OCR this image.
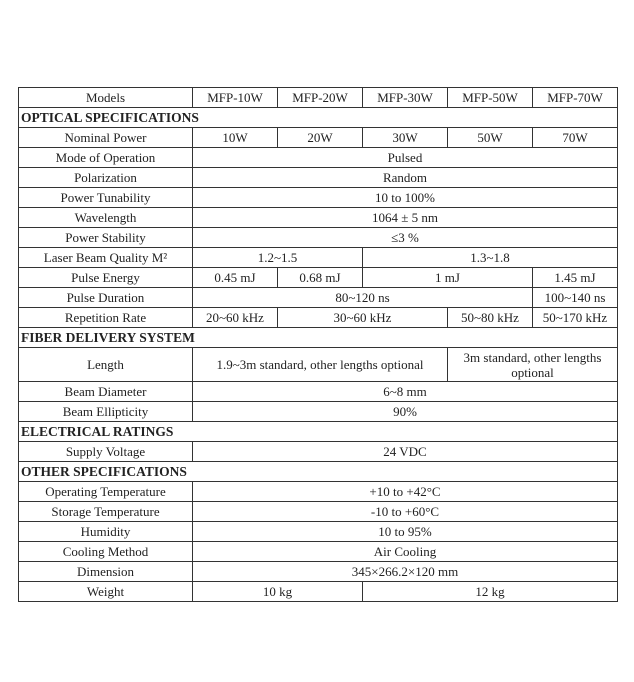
Models	MFP-10W	MFP-20W	MFP-30W	MFP-50W	MFP-70W
OPTICAL SPECIFICATIONS					
Nominal Power	10W	20W	30W	50W	70W
Mode of Operation	Pulsed				
Polarization	Random				
Power Tunability	10 to 100%				
Wavelength	1064 ± 5 nm				
Power Stability	≤3 %				
Laser Beam Quality M²	1.2~1.5		1.3~1.8		
Pulse Energy	0.45 mJ	0.68 mJ	1 mJ		1.45 mJ
Pulse Duration	80~120 ns				100~140 ns
Repetition Rate	20~60 kHz	30~60 kHz		50~80 kHz	50~170 kHz
FIBER DELIVERY SYSTEM					
Length	1.9~3m standard, other lengths optional			3m standard, other lengths optional	
Beam Diameter	6~8 mm				
Beam Ellipticity	90%				
ELECTRICAL RATINGS					
Supply Voltage	24 VDC				
OTHER SPECIFICATIONS					
Operating Temperature	+10 to +42°C				
Storage Temperature	-10 to +60°C				
Humidity	10 to 95%				
Cooling Method	Air Cooling				
Dimension	345×266.2×120 mm				
Weight	10 kg		12 kg		
